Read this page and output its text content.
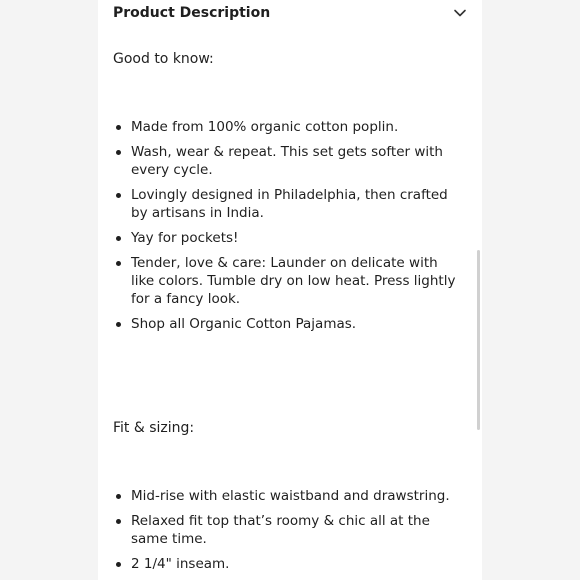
Product Description
Good to know:
Made from 100% organic cotton poplin.
Wash, wear & repeat. This set gets softer with every cycle.
Lovingly designed in Philadelphia, then crafted by artisans in India.
Yay for pockets!
Tender, love & care: Launder on delicate with like colors. Tumble dry on low heat. Press lightly for a fancy look.
Shop all Organic Cotton Pajamas.
Fit & sizing:
Mid-rise with elastic waistband and drawstring.
Relaxed fit top that’s roomy & chic all at the same time.
2 1/4" inseam.
